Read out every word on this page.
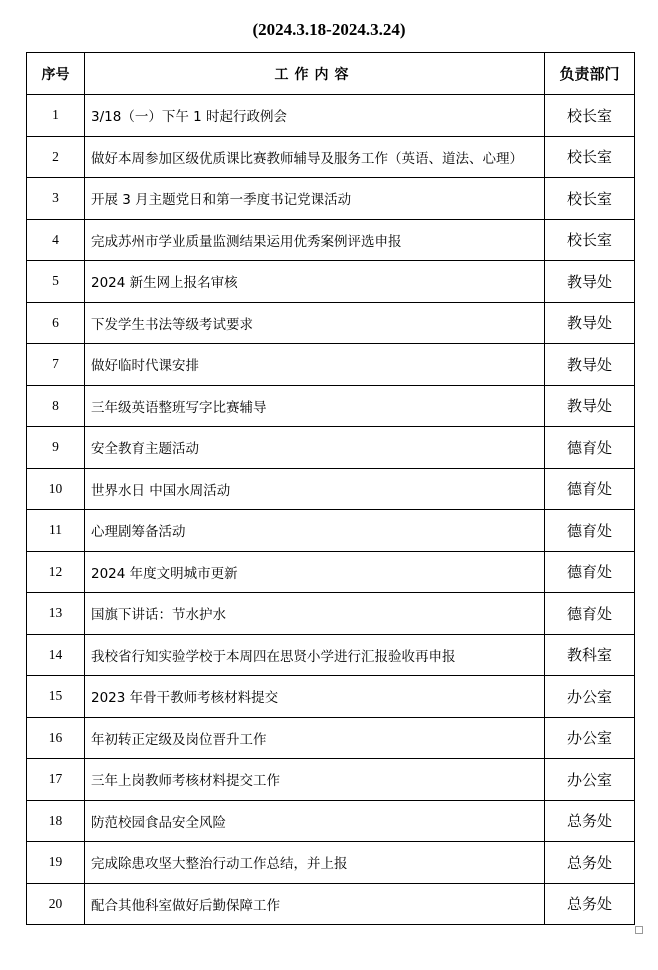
(2024.3.18-2024.3.24)
序号	工作内容	负责部门
1	3/18（一）下午 1 时起行政例会	校长室
2	做好本周参加区级优质课比赛教师辅导及服务工作（英语、道法、心理）	校长室
3	开展 3 月主题党日和第一季度书记党课活动	校长室
4	完成苏州市学业质量监测结果运用优秀案例评选申报	校长室
5	2024 新生网上报名审核	教导处
6	下发学生书法等级考试要求	教导处
7	做好临时代课安排	教导处
8	三年级英语整班写字比赛辅导	教导处
9	安全教育主题活动	德育处
10	世界水日 中国水周活动	德育处
11	心理剧筹备活动	德育处
12	2024 年度文明城市更新	德育处
13	国旗下讲话：节水护水	德育处
14	我校省行知实验学校于本周四在思贤小学进行汇报验收再申报	教科室
15	2023 年骨干教师考核材料提交	办公室
16	年初转正定级及岗位晋升工作	办公室
17	三年上岗教师考核材料提交工作	办公室
18	防范校园食品安全风险	总务处
19	完成除患攻坚大整治行动工作总结，并上报	总务处
20	配合其他科室做好后勤保障工作	总务处
